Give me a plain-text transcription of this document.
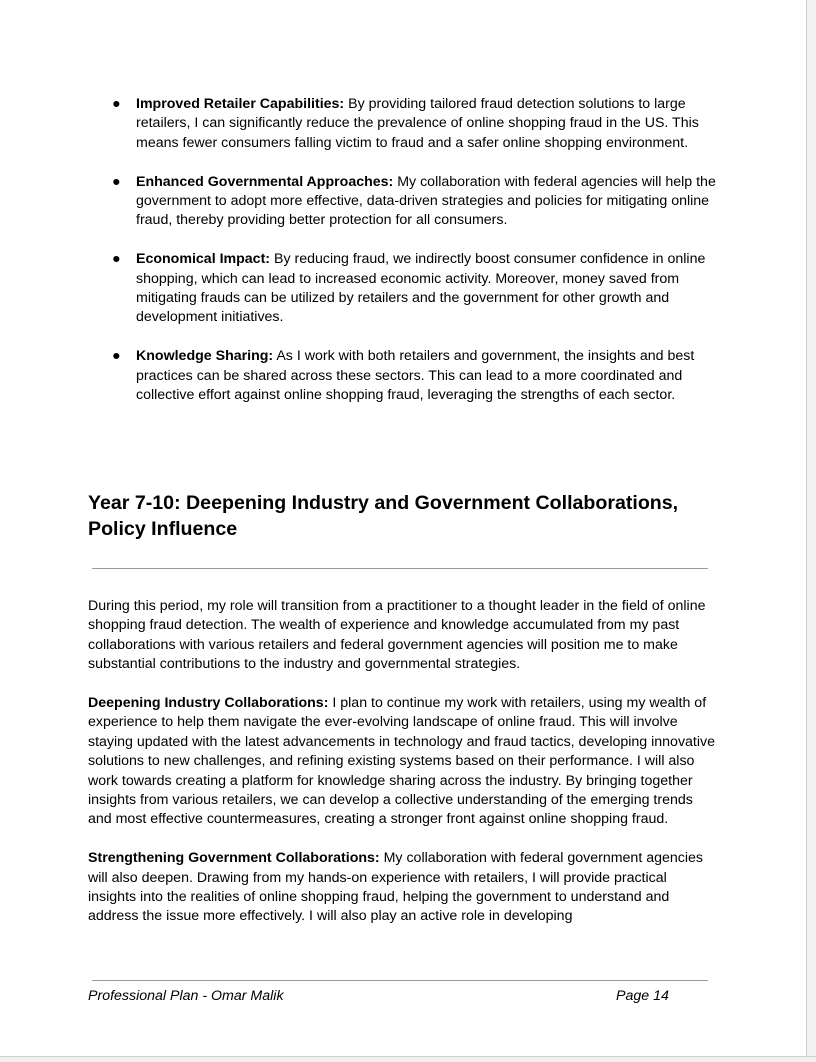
● Improved Retailer Capabilities: By providing tailored fraud detection solutions to large retailers, I can significantly reduce the prevalence of online shopping fraud in the US. This means fewer consumers falling victim to fraud and a safer online shopping environment.
● Enhanced Governmental Approaches: My collaboration with federal agencies will help the government to adopt more effective, data-driven strategies and policies for mitigating online fraud, thereby providing better protection for all consumers.
● Economical Impact: By reducing fraud, we indirectly boost consumer confidence in online shopping, which can lead to increased economic activity. Moreover, money saved from mitigating frauds can be utilized by retailers and the government for other growth and development initiatives.
● Knowledge Sharing: As I work with both retailers and government, the insights and best practices can be shared across these sectors. This can lead to a more coordinated and collective effort against online shopping fraud, leveraging the strengths of each sector.
Year 7-10: Deepening Industry and Government Collaborations, Policy Influence

During this period, my role will transition from a practitioner to a thought leader in the field of online shopping fraud detection. The wealth of experience and knowledge accumulated from my past collaborations with various retailers and federal government agencies will position me to make substantial contributions to the industry and governmental strategies.

Deepening Industry Collaborations: I plan to continue my work with retailers, using my wealth of experience to help them navigate the ever-evolving landscape of online fraud. This will involve staying updated with the latest advancements in technology and fraud tactics, developing innovative solutions to new challenges, and refining existing systems based on their performance. I will also work towards creating a platform for knowledge sharing across the industry. By bringing together insights from various retailers, we can develop a collective understanding of the emerging trends and most effective countermeasures, creating a stronger front against online shopping fraud.

Strengthening Government Collaborations: My collaboration with federal government agencies will also deepen. Drawing from my hands-on experience with retailers, I will provide practical insights into the realities of online shopping fraud, helping the government to understand and address the issue more effectively. I will also play an active role in developing

Professional Plan - Omar Malik	Page 14
